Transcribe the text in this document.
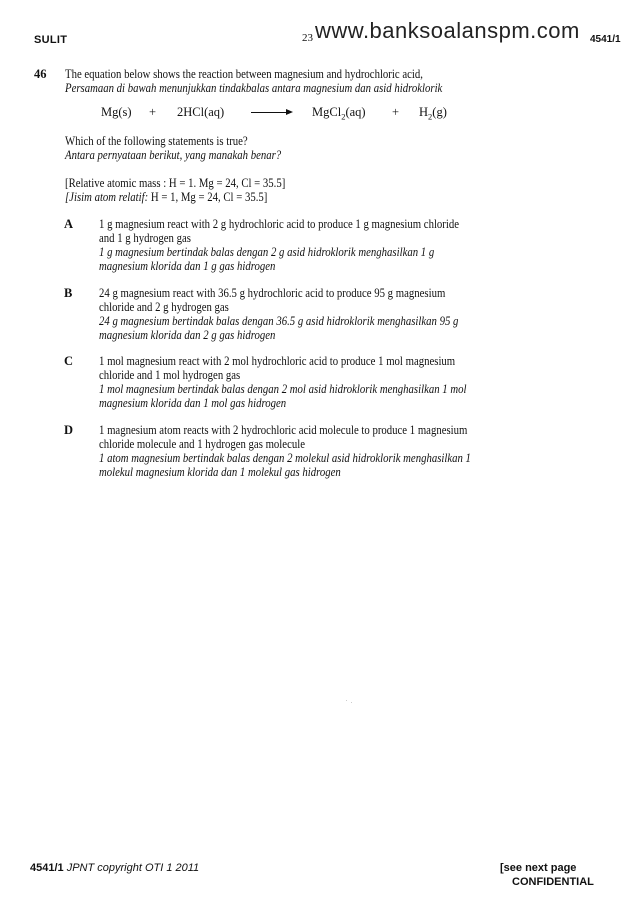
SULIT	23 www.banksoalanspm.com 4541/1
46 The equation below shows the reaction between magnesium and hydrochloric acid,
Persamaan di bawah menunjukkan tindakbalas antara magnesium dan asid hidroklorik
Mg(s) + 2HCl(aq)	MgCl$_2$(aq) + $H_2(g)$
Which of the following statements is true?
Antara pernyataan berikut, yang manakah benar?
[Relative atomic mass : H = 1. Mg = 24, Cl = 35.5]
[Jisim atom relatif: H = 1, Mg = 24, Cl = 35.5]
A 1 g magnesium react with 2 g hydrochloric acid to produce 1 g magnesium chloride
and 1 g hydrogen gas
1 g magnesium bertindak balas dengan 2 g asid hidroklorik menghasilkan 1 g
magnesium klorida dan 1 g gas hidrogen
B 24 g magnesium react with 36.5 g hydrochloric acid to produce 95 g magnesium
chloride and 2 g hydrogen gas
24 g magnesium bertindak balas dengan 36.5 g asid hidroklorik menghasilkan 95 g
magnesium klorida dan 2 g gas hidrogen
C 1 mol magnesium react with 2 mol hydrochloric acid to produce 1 mol magnesium
chloride and 1 mol hydrogen gas
1 mol magnesium bertindak balas dengan 2 mol asid hidroklorik menghasilkan 1 mol
magnesium klorida dan 1 mol gas hidrogen
D 1 magnesium atom reacts with 2 hydrochloric acid molecule to produce 1 magnesium
chloride molecule and 1 hydrogen gas molecule
1 atom magnesium bertindak balas dengan 2 molekul asid hidroklorik menghasilkan 1
molekul magnesium klorida dan 1 molekul gas hidrogen
4541/1 JPNT copyright OTI 1 2011	[see next page
CONFIDENTIAL
